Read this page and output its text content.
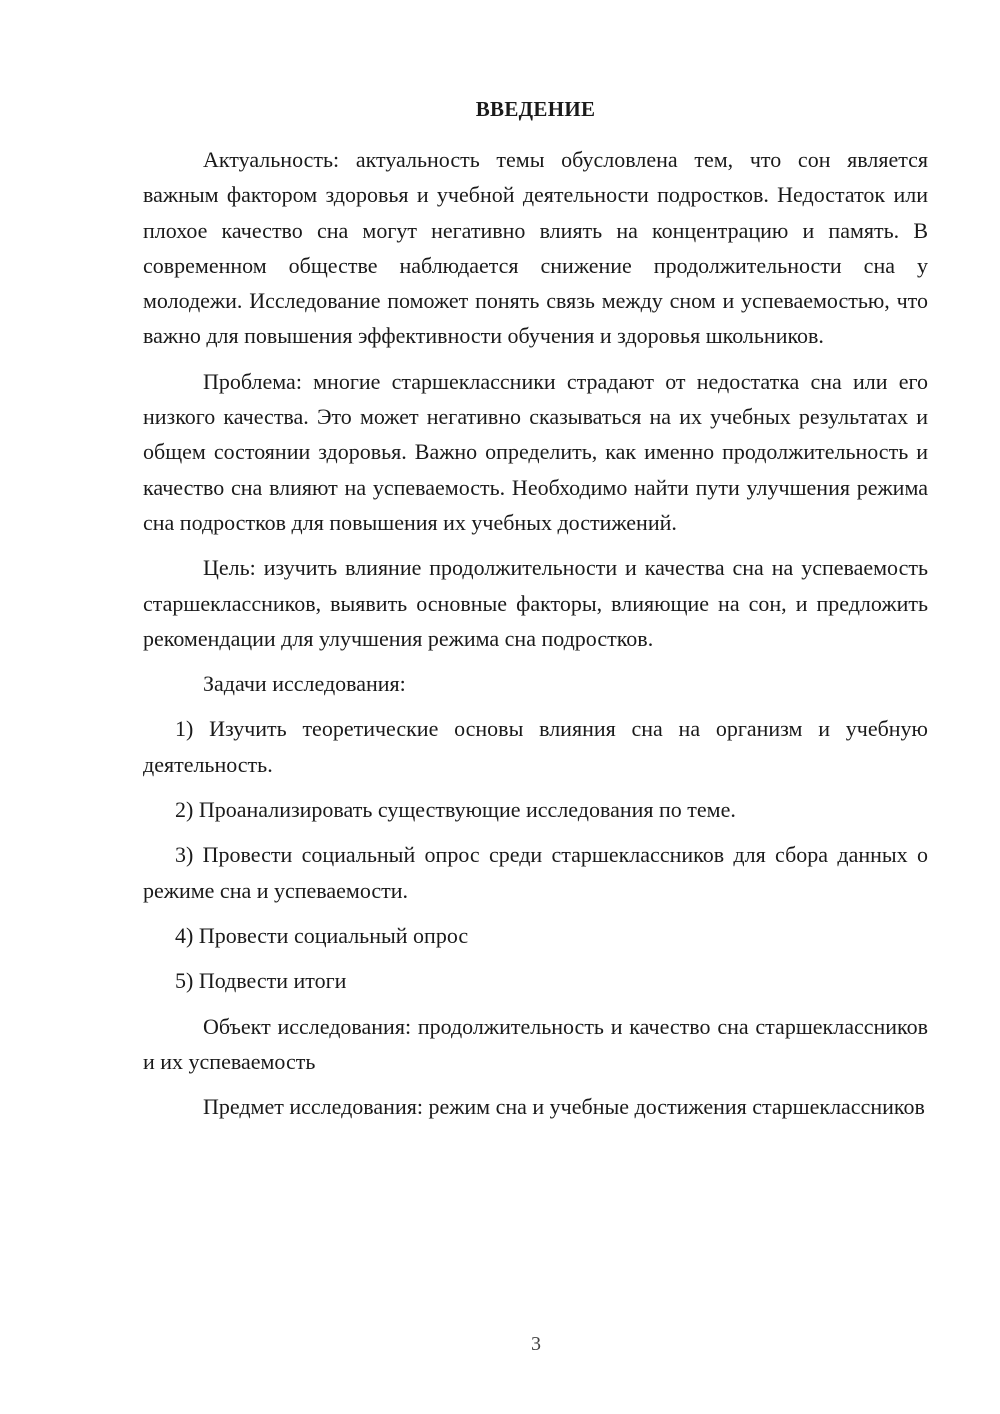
ВВЕДЕНИЕ

Актуальность: актуальность темы обусловлена тем, что сон является важным фактором здоровья и учебной деятельности подростков. Недостаток или плохое качество сна могут негативно влиять на концентрацию и память. В современном обществе наблюдается снижение продолжительности сна у молодежи. Исследование поможет понять связь между сном и успеваемостью, что важно для повышения эффективности обучения и здоровья школьников.

Проблема: многие старшеклассники страдают от недостатка сна или его низкого качества. Это может негативно сказываться на их учебных результатах и общем состоянии здоровья. Важно определить, как именно продолжительность и качество сна влияют на успеваемость. Необходимо найти пути улучшения режима сна подростков для повышения их учебных достижений.

Цель: изучить влияние продолжительности и качества сна на успеваемость старшеклассников, выявить основные факторы, влияющие на сон, и предложить рекомендации для улучшения режима сна подростков.

Задачи исследования:

1) Изучить теоретические основы влияния сна на организм и учебную деятельность.

2) Проанализировать существующие исследования по теме.

3) Провести социальный опрос среди старшеклассников для сбора данных о режиме сна и успеваемости.

4) Провести социальный опрос

5) Подвести итоги

Объект исследования: продолжительность и качество сна старшеклассников и их успеваемость

Предмет исследования: режим сна и учебные достижения старшеклассников

3
